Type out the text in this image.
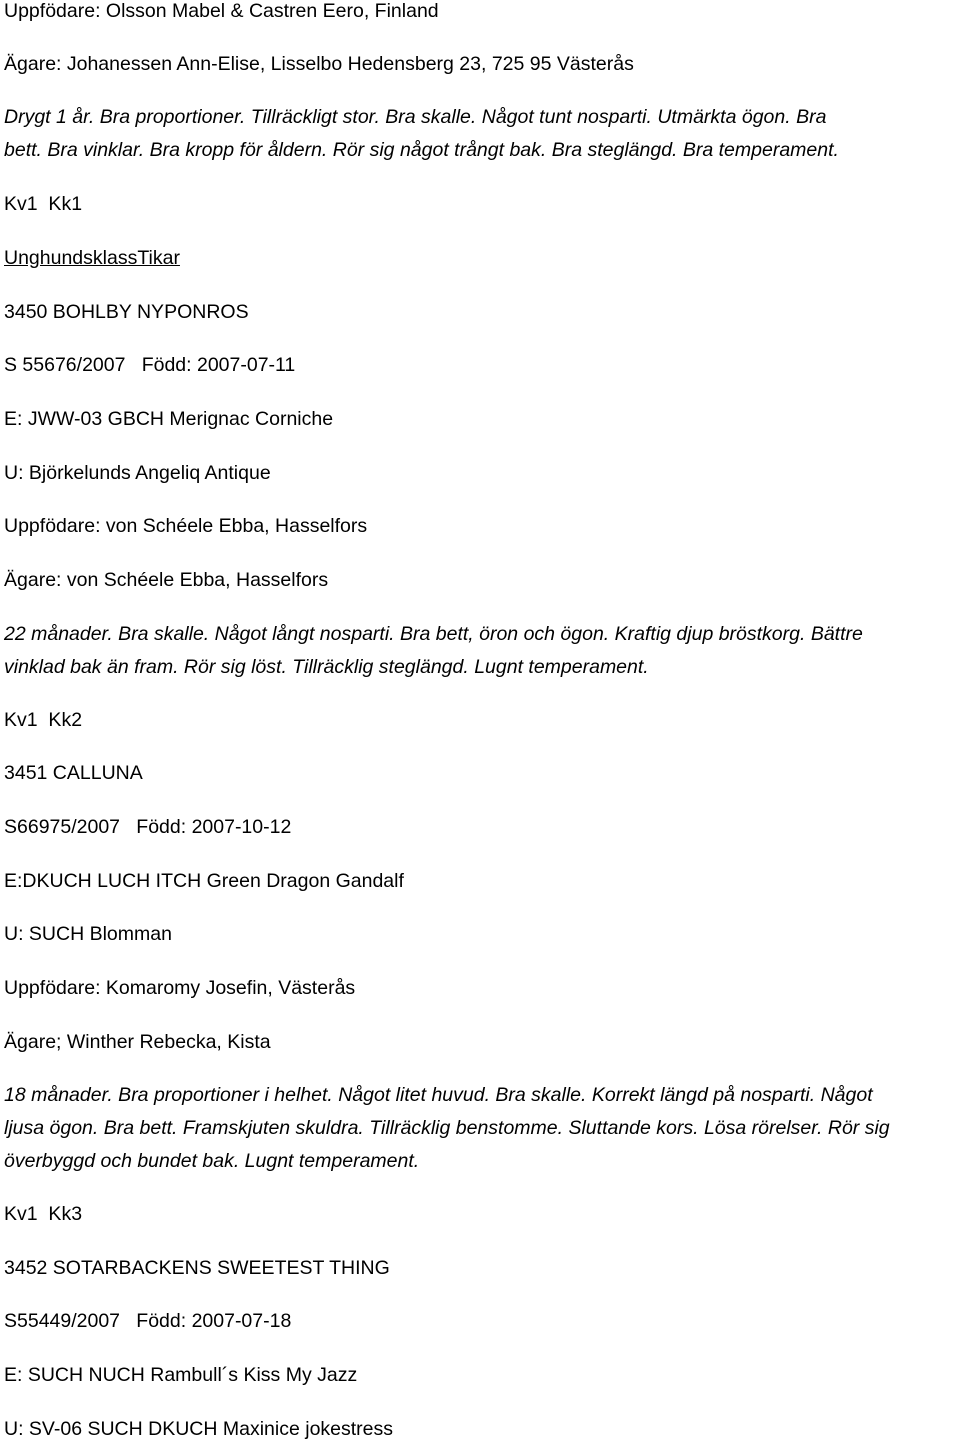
Uppfödare: Olsson Mabel & Castren Eero, Finland
Ägare: Johanessen Ann-Elise, Lisselbo Hedensberg 23, 725 95 Västerås
Drygt 1 år. Bra proportioner. Tillräckligt stor. Bra skalle. Något tunt nosparti. Utmärkta ögon. Bra
bett. Bra vinklar. Bra kropp för åldern. Rör sig något trångt bak. Bra steglängd. Bra temperament.
Kv1  Kk1
UnghundsklassTikar
3450 BOHLBY NYPONROS
S 55676/2007   Född: 2007-07-11
E: JWW-03 GBCH Merignac Corniche
U: Björkelunds Angeliq Antique
Uppfödare: von Schéele Ebba, Hasselfors
Ägare: von Schéele Ebba, Hasselfors
22 månader. Bra skalle. Något långt nosparti. Bra bett, öron och ögon. Kraftig djup bröstkorg. Bättre
vinklad bak än fram. Rör sig löst. Tillräcklig steglängd. Lugnt temperament.
Kv1  Kk2
3451 CALLUNA
S66975/2007   Född: 2007-10-12
E:DKUCH LUCH ITCH Green Dragon Gandalf
U: SUCH Blomman
Uppfödare: Komaromy Josefin, Västerås
Ägare; Winther Rebecka, Kista
18 månader. Bra proportioner i helhet. Något litet huvud. Bra skalle. Korrekt längd på nosparti. Något
ljusa ögon. Bra bett. Framskjuten skuldra. Tillräcklig benstomme. Sluttande kors. Lösa rörelser. Rör sig
överbyggd och bundet bak. Lugnt temperament.
Kv1  Kk3
3452 SOTARBACKENS SWEETEST THING
S55449/2007   Född: 2007-07-18
E: SUCH NUCH Rambull´s Kiss My Jazz
U: SV-06 SUCH DKUCH Maxinice jokestress
